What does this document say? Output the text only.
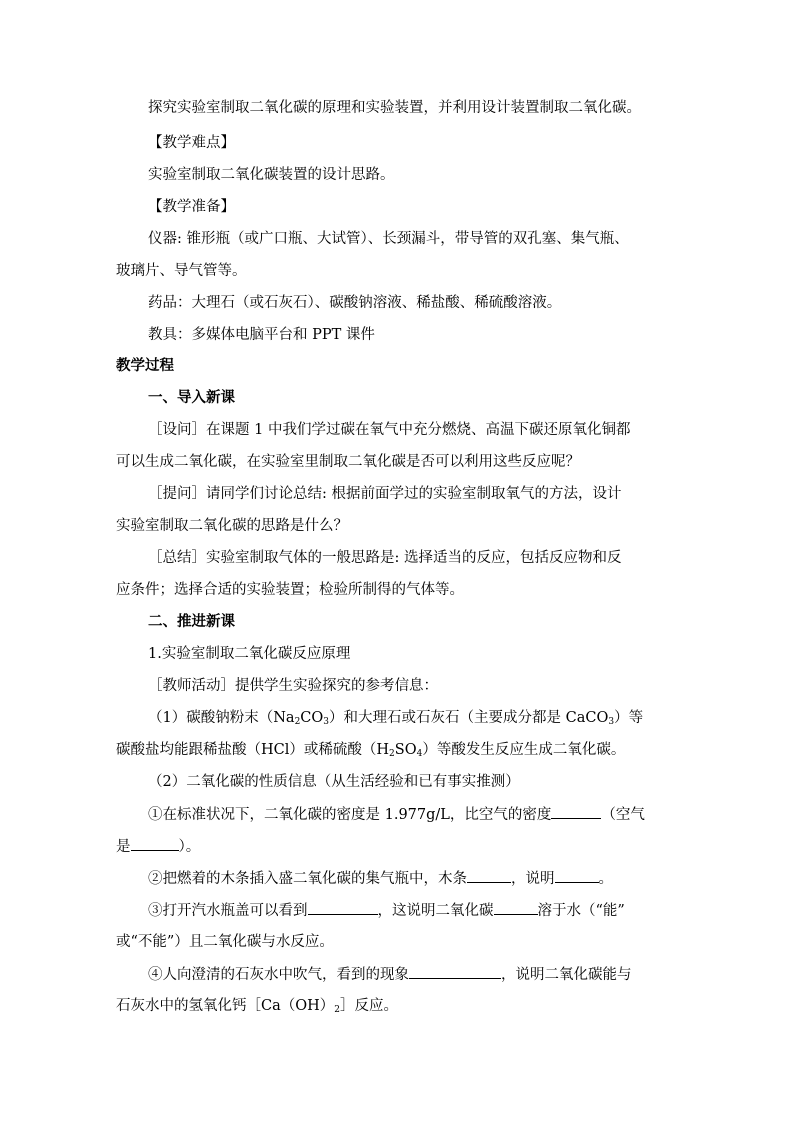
探究实验室制取二氧化碳的原理和实验装置，并利用设计装置制取二氧化碳。
【教学难点】
实验室制取二氧化碳装置的设计思路。
【教学准备】
仪器: 锥形瓶（或广口瓶、大试管）、长颈漏斗，带导管的双孔塞、集气瓶、
玻璃片、导气管等。
药品：大理石（或石灰石）、碳酸钠溶液、稀盐酸、稀硫酸溶液。
教具：多媒体电脑平台和 PPT 课件
教学过程
一、导入新课
［设问］在课题 1 中我们学过碳在氧气中充分燃烧、高温下碳还原氧化铜都
可以生成二氧化碳，在实验室里制取二氧化碳是否可以利用这些反应呢？
［提问］请同学们讨论总结: 根据前面学过的实验室制取氧气的方法，设计
实验室制取二氧化碳的思路是什么？
［总结］实验室制取气体的一般思路是: 选择适当的反应，包括反应物和反
应条件；选择合适的实验装置；检验所制得的气体等。
二、推进新课
1.实验室制取二氧化碳反应原理
［教师活动］提供学生实验探究的参考信息：
（1）碳酸钠粉末$(Na_2CO_3)$和大理石或石灰石（主要成分都是 CaCO$_3$）等
碳酸盐均能跟稀盐酸（HCl）或稀硫酸$(H_2SO_4)$等酸发生反应生成二氧化碳。
（2）二氧化碳的性质信息（从生活经验和已有事实推测）
①在标准状况下，二氧化碳的密度是 1.977g/L，比空气的密度	（空气
是	）。
②把燃着的木条插入盛二氧化碳的集气瓶中，木条	，说明	。
③打开汽水瓶盖可以看到	，这说明二氧化碳	溶于水（“能”
或“不能”）且二氧化碳与水反应。
④人向澄清的石灰水中吹气，看到的现象	，说明二氧化碳能与
石灰水中的氢氧化钙$[Ca(OH)_2]$反应。
